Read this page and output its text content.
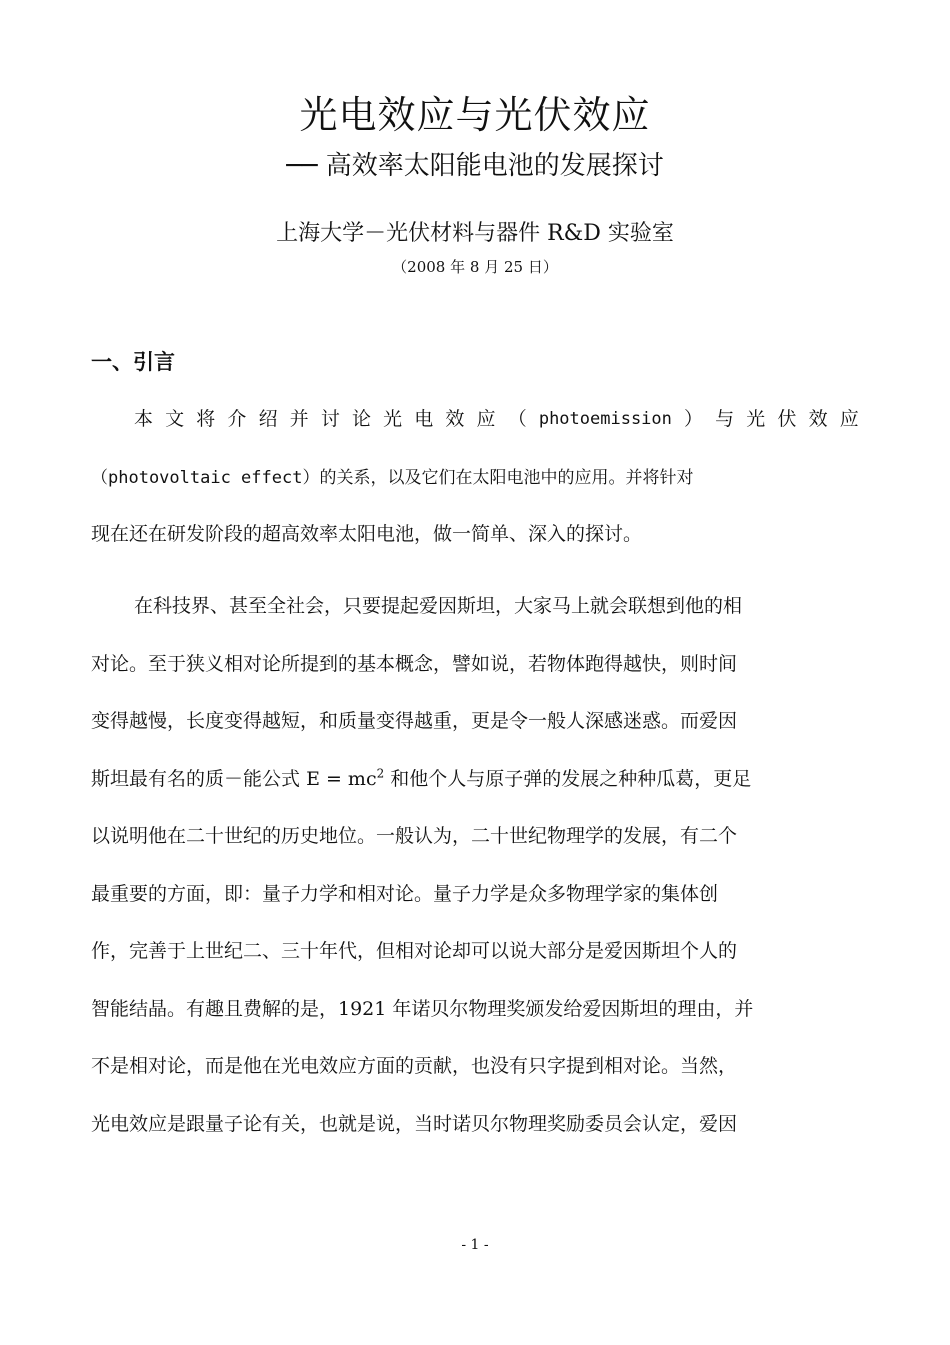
光电效应与光伏效应
── 高效率太阳能电池的发展探讨
上海大学－光伏材料与器件 R&D 实验室
（2008 年 8 月 25 日）
一、引言
本 文 将 介 绍 并 讨 论 光 电 效 应 （ photoemission ） 与 光 伏 效 应
（photovoltaic effect）的关系，以及它们在太阳电池中的应用。并将针对
现在还在研发阶段的超高效率太阳电池，做一简单、深入的探讨。
在科技界、甚至全社会，只要提起爱因斯坦，大家马上就会联想到他的相
对论。至于狭义相对论所提到的基本概念，譬如说，若物体跑得越快，则时间
变得越慢，长度变得越短，和质量变得越重，更是令一般人深感迷惑。而爱因
斯坦最有名的质－能公式 $E = mc^2$ 和他个人与原子弹的发展之种种瓜葛，更足
以说明他在二十世纪的历史地位。一般认为，二十世纪物理学的发展，有二个
最重要的方面，即：量子力学和相对论。量子力学是众多物理学家的集体创
作，完善于上世纪二、三十年代，但相对论却可以说大部分是爱因斯坦个人的
智能结晶。有趣且费解的是，1921 年诺贝尔物理奖颁发给爱因斯坦的理由，并
不是相对论，而是他在光电效应方面的贡献，也没有只字提到相对论。当然，
光电效应是跟量子论有关，也就是说，当时诺贝尔物理奖励委员会认定，爱因
- 1 -
